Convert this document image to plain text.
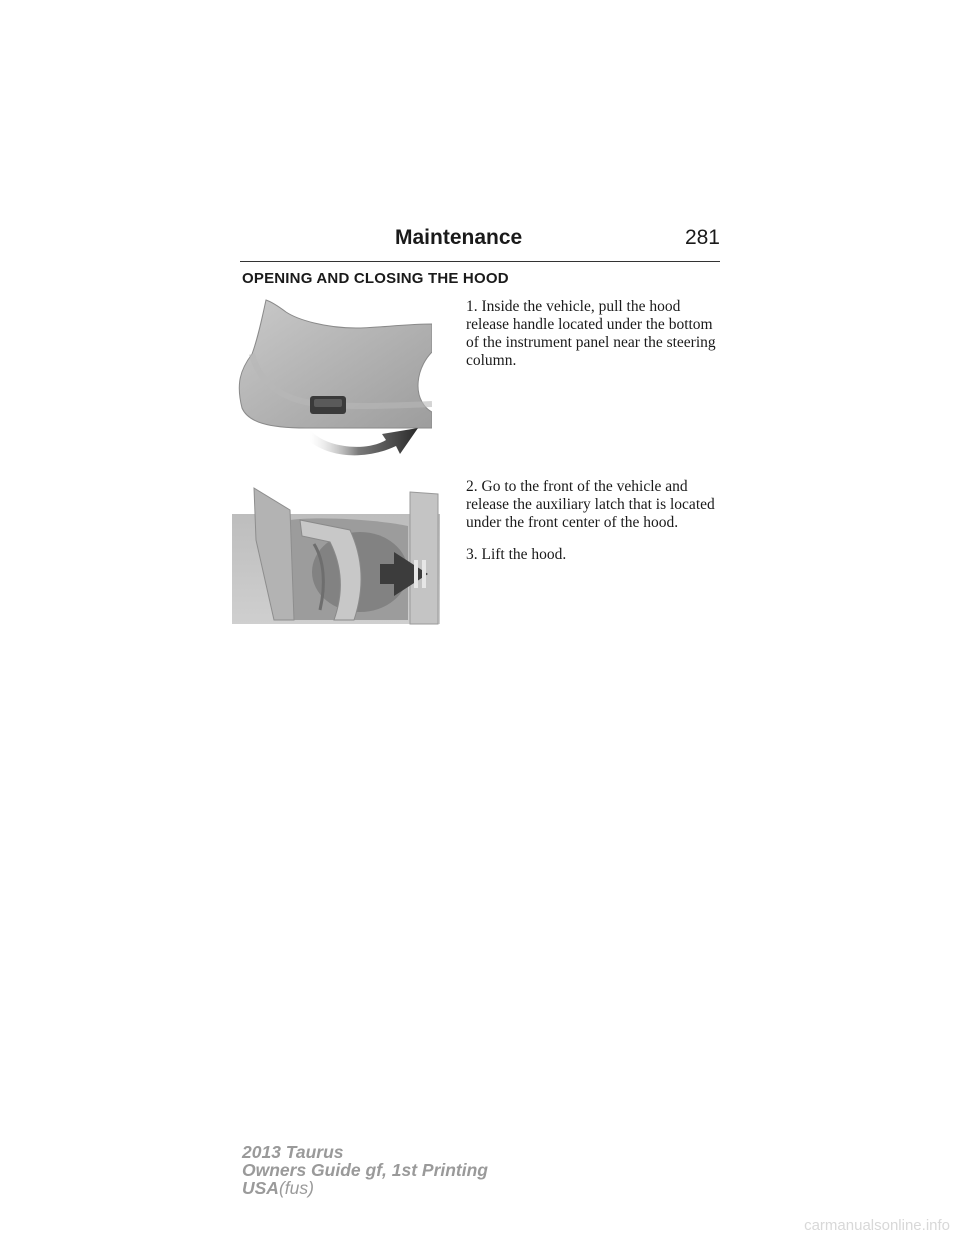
Maintenance	281
OPENING AND CLOSING THE HOOD
1. Inside the vehicle, pull the hood release handle located under the bottom of the instrument panel near the steering column.
2. Go to the front of the vehicle and release the auxiliary latch that is located under the front center of the hood.
3. Lift the hood.
2013 Taurus
Owners Guide gf, 1st Printing
USA(fus)
carmanualsonline.info
